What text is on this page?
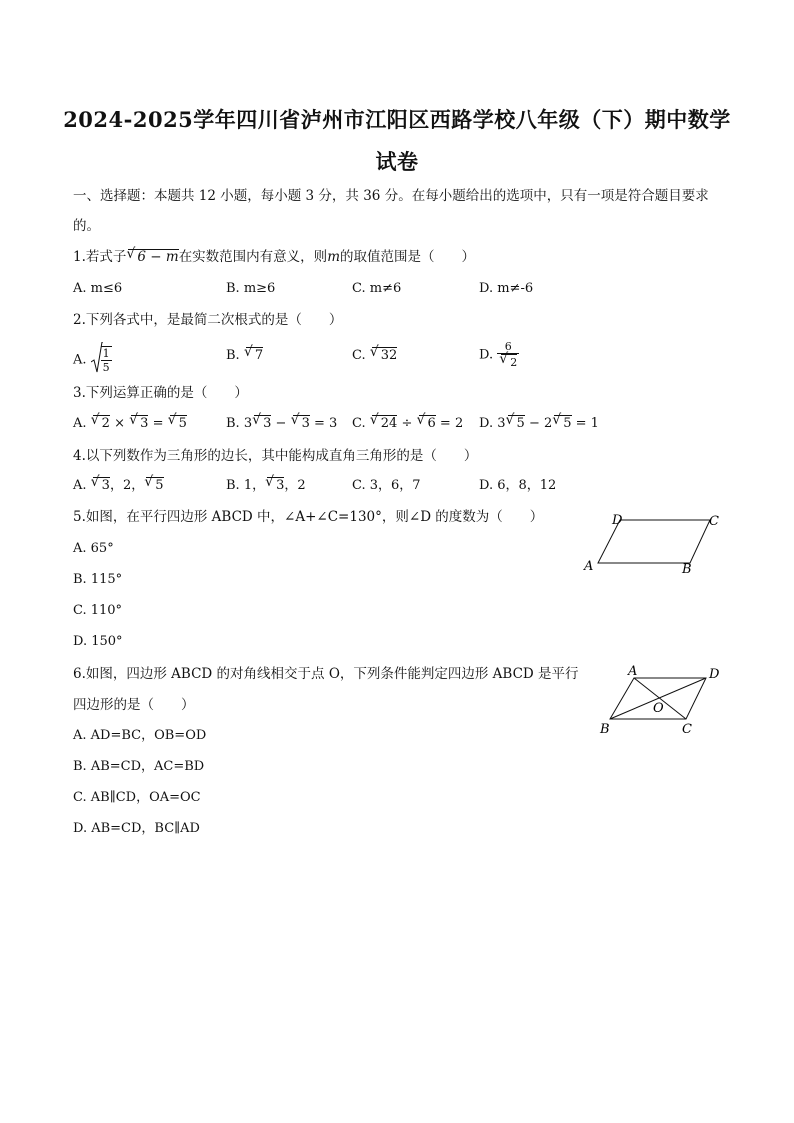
2024-2025学年四川省泸州市江阳区西路学校八年级（下）期中数学
试卷
一、选择题：本题共 12 小题，每小题 3 分，共 36 分。在每小题给出的选项中，只有一项是符合题目要求
的。
1.若式子 √ 6 − m在实数范围内有意义，则m的取值范围是（　　）
A. m≤6	B. m≥6	C. m≠6	D. m≠-6
2.下列各式中，是最简二次根式的是（　　）
A. $\frac{1}{5}$	B. √ 7	C. √ 32	D. 6
√ 2
3.下列运算正确的是（　　）
A. √ 2 × √ 3 = √ 5	B. 3 √ 3 − √ 3 = 3 C. √ 24 ÷ √ 6 = 2 D. 3 √ 5 − 2 √ 5 = 1
4.以下列数作为三角形的边长，其中能构成直角三角形的是（　　）
A. √ 3，2， √ 5	B. 1， √ 3，2	C. 3，6，7	D. 6，8，12
5.如图，在平行四边形 ABCD 中，∠A+∠C=130°，则∠D 的度数为（　　）
A. 65°
B. 115°
C. 110°
D. 150°
A	B
C
D
6.如图，四边形 ABCD 的对角线相交于点 O，下列条件能判定四边形 ABCD 是平行
四边形的是（　　）
A. AD=BC，OB=OD
B. AB=CD，AC=BD
C. AB∥CD，OA=OC
D. AB=CD，BC∥AD
A	D
B	C
O
